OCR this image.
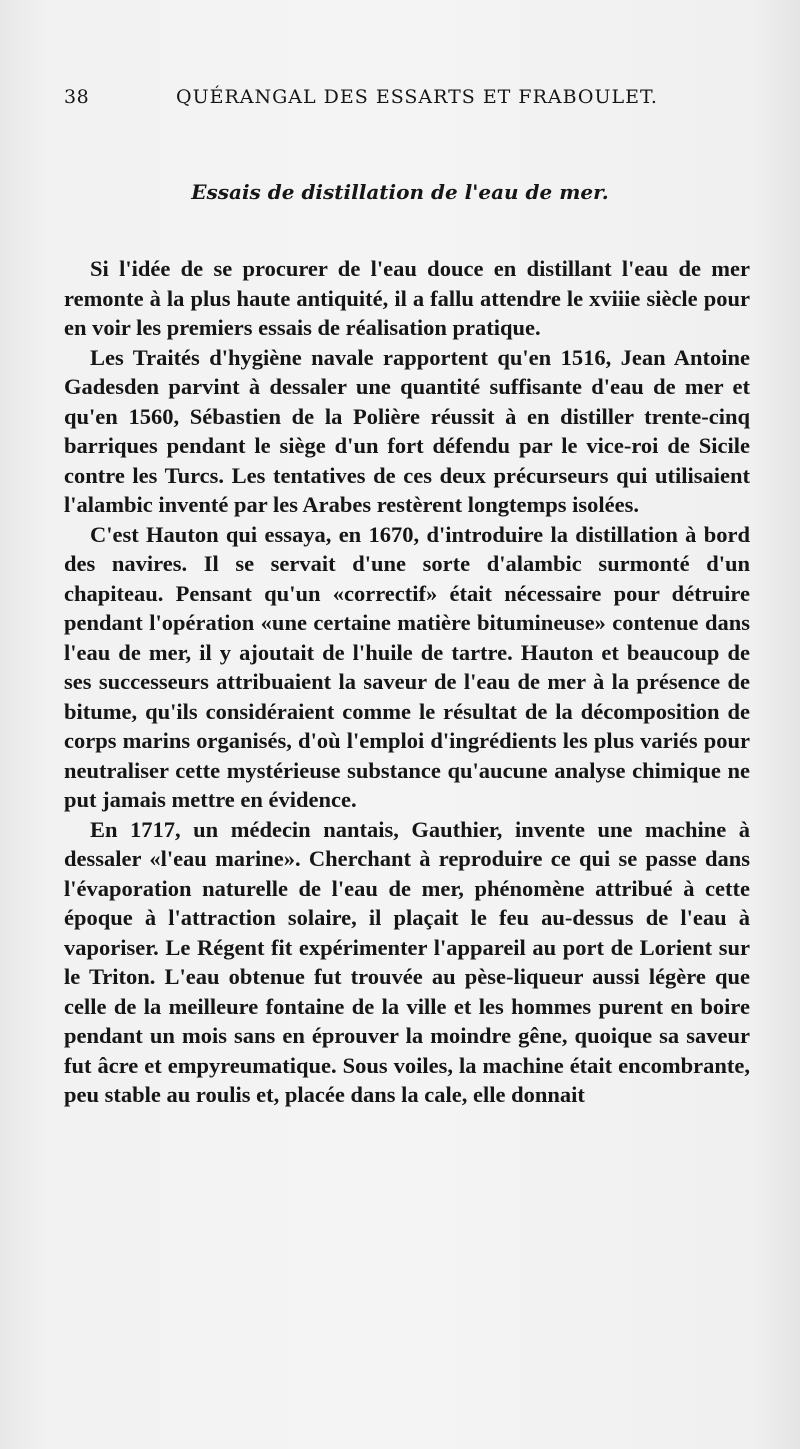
38	QUÉRANGAL DES ESSARTS ET FRABOULET.
Essais de distillation de l'eau de mer.

Si l'idée de se procurer de l'eau douce en distillant l'eau de mer remonte à la plus haute antiquité, il a fallu attendre le xviiie siècle pour en voir les premiers essais de réalisation pratique.

Les Traités d'hygiène navale rapportent qu'en 1516, Jean Antoine Gadesden parvint à dessaler une quantité suffisante d'eau de mer et qu'en 1560, Sébastien de la Polière réussit à en distiller trente-cinq barriques pendant le siège d'un fort défendu par le vice-roi de Sicile contre les Turcs. Les tentatives de ces deux précurseurs qui utilisaient l'alambic inventé par les Arabes restèrent longtemps isolées.

C'est Hauton qui essaya, en 1670, d'introduire la distillation à bord des navires. Il se servait d'une sorte d'alambic surmonté d'un chapiteau. Pensant qu'un «correctif» était nécessaire pour détruire pendant l'opération «une certaine matière bitumineuse» contenue dans l'eau de mer, il y ajoutait de l'huile de tartre. Hauton et beaucoup de ses successeurs attribuaient la saveur de l'eau de mer à la présence de bitume, qu'ils considéraient comme le résultat de la décomposition de corps marins organisés, d'où l'emploi d'ingrédients les plus variés pour neutraliser cette mystérieuse substance qu'aucune analyse chimique ne put jamais mettre en évidence.

En 1717, un médecin nantais, Gauthier, invente une machine à dessaler «l'eau marine». Cherchant à reproduire ce qui se passe dans l'évaporation naturelle de l'eau de mer, phénomène attribué à cette époque à l'attraction solaire, il plaçait le feu au-dessus de l'eau à vaporiser. Le Régent fit expérimenter l'appareil au port de Lorient sur le Triton. L'eau obtenue fut trouvée au pèse-liqueur aussi légère que celle de la meilleure fontaine de la ville et les hommes purent en boire pendant un mois sans en éprouver la moindre gêne, quoique sa saveur fut âcre et empyreumatique. Sous voiles, la machine était encombrante, peu stable au roulis et, placée dans la cale, elle donnait
